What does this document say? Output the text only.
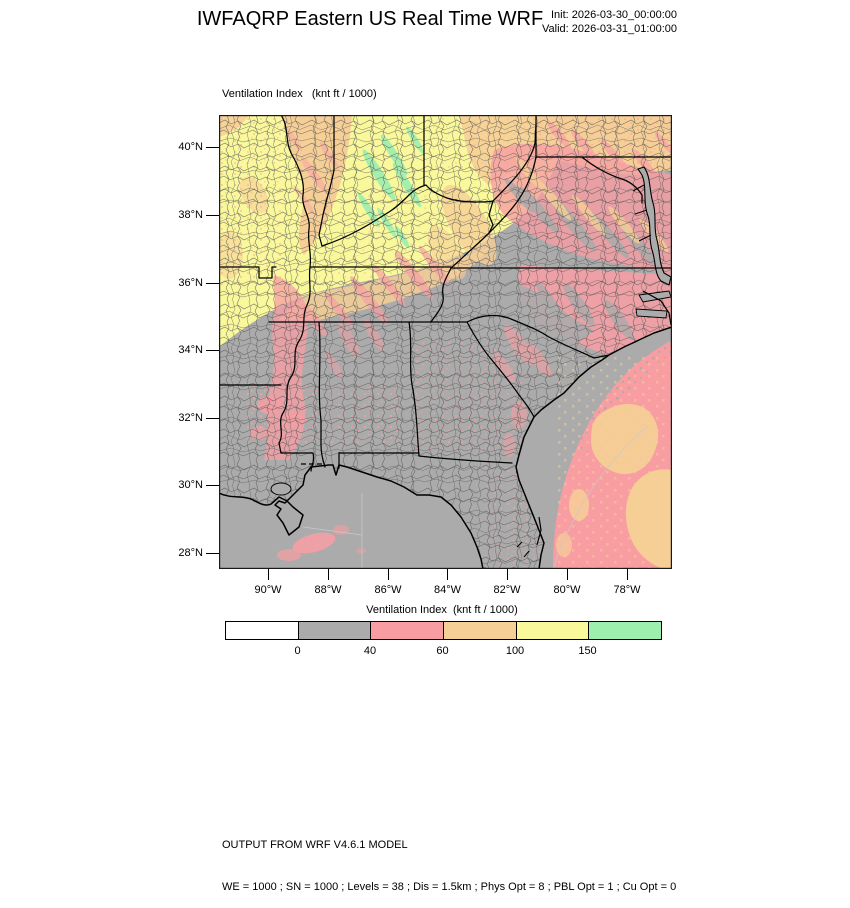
IWFAQRP Eastern US Real Time WRF Init: 2026-03-30_00:00:00
Valid: 2026-03-31_01:00:00
Ventilation Index   (knt ft / 1000)
40°N
38°N
36°N
34°N
32°N
30°N
28°N
90°W	88°W	86°W	84°W	82°W	80°W	78°W
Ventilation Index  (knt ft / 1000)
0	40	60	100	150

OUTPUT FROM WRF V4.6.1 MODEL

WE = 1000 ; SN = 1000 ; Levels = 38 ; Dis = 1.5km ; Phys Opt = 8 ; PBL Opt = 1 ; Cu Opt = 0
